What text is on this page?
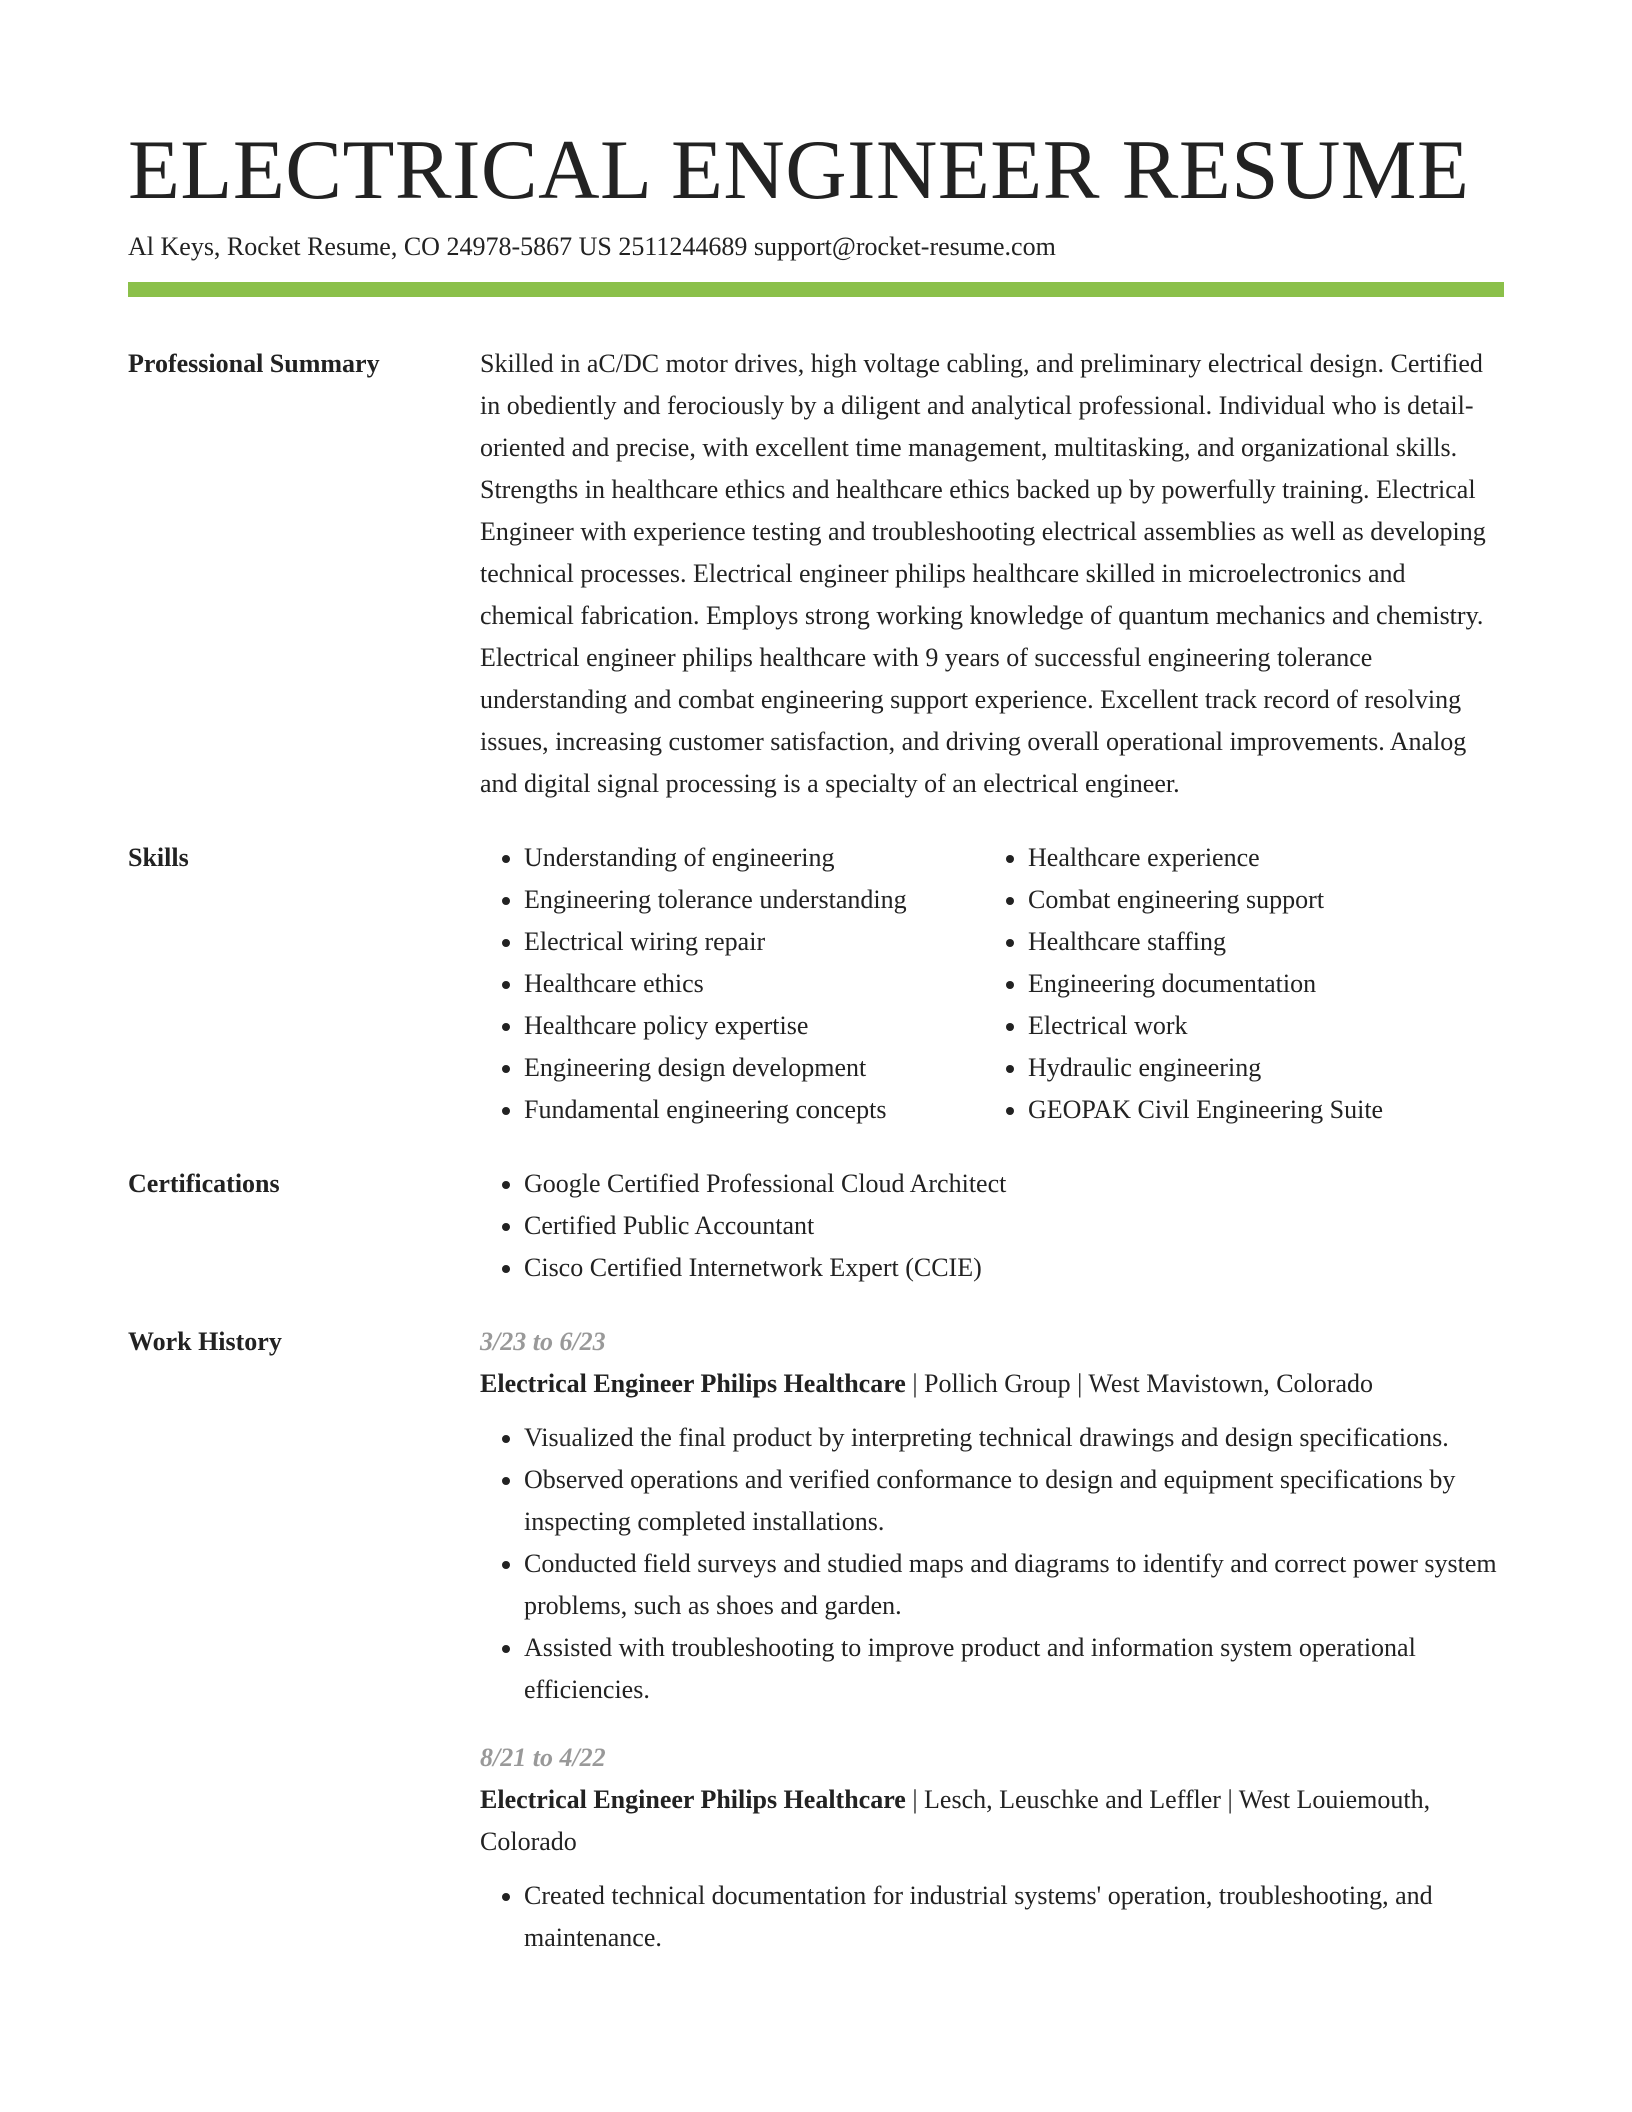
ELECTRICAL ENGINEER RESUME
Al Keys, Rocket Resume, CO 24978-5867 US 2511244689 support@rocket-resume.com
Professional Summary	Skilled in aC/DC motor drives, high voltage cabling, and preliminary electrical design. Certified in obediently and ferociously by a diligent and analytical professional. Individual who is detail-oriented and precise, with excellent time management, multitasking, and organizational skills. Strengths in healthcare ethics and healthcare ethics backed up by powerfully training. Electrical Engineer with experience testing and troubleshooting electrical assemblies as well as developing technical processes. Electrical engineer philips healthcare skilled in microelectronics and chemical fabrication. Employs strong working knowledge of quantum mechanics and chemistry. Electrical engineer philips healthcare with 9 years of successful engineering tolerance understanding and combat engineering support experience. Excellent track record of resolving issues, increasing customer satisfaction, and driving overall operational improvements. Analog and digital signal processing is a specialty of an electrical engineer.

Skills	• Understanding of engineering
• Engineering tolerance understanding
• Electrical wiring repair
• Healthcare ethics
• Healthcare policy expertise
• Engineering design development
• Fundamental engineering concepts
• Healthcare experience
• Combat engineering support
• Healthcare staffing
• Engineering documentation
• Electrical work
• Hydraulic engineering
• GEOPAK Civil Engineering Suite
Certifications	• Google Certified Professional Cloud Architect
• Certified Public Accountant
• Cisco Certified Internetwork Expert (CCIE)
Work History	3/23 to 6/23
Electrical Engineer Philips Healthcare | Pollich Group | West Mavistown, Colorado
• Visualized the final product by interpreting technical drawings and design specifications.
• Observed operations and verified conformance to design and equipment specifications by inspecting completed installations.
• Conducted field surveys and studied maps and diagrams to identify and correct power system problems, such as shoes and garden.
• Assisted with troubleshooting to improve product and information system operational efficiencies.
8/21 to 4/22
Electrical Engineer Philips Healthcare | Lesch, Leuschke and Leffler | West Louiemouth, Colorado
• Created technical documentation for industrial systems' operation, troubleshooting, and maintenance.
